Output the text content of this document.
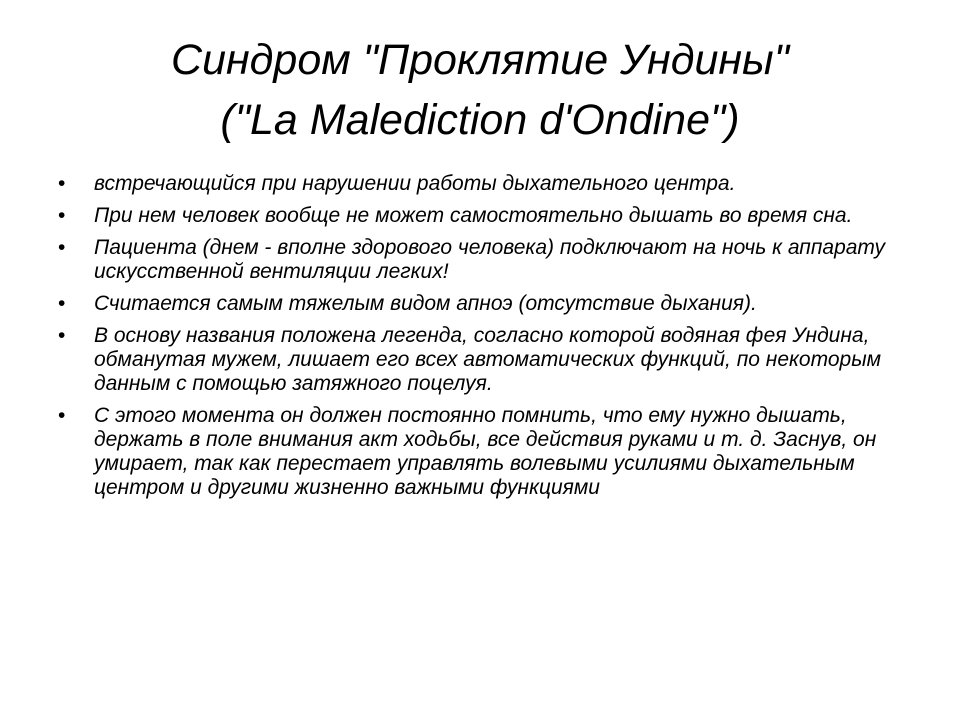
Синдром "Проклятие Ундины"
("La Malediction d'Ondine")
• встречающийся при нарушении работы дыхательного центра.
• При нем человек вообще не может самостоятельно дышать во время сна.
• Пациента (днем - вполне здорового человека) подключают на ночь к аппарату искусственной вентиляции легких!
• Считается самым тяжелым видом апноэ (отсутствие дыхания).
• В основу названия положена легенда, согласно которой водяная фея Ундина, обманутая мужем, лишает его всех автоматических функций, по некоторым данным с помощью затяжного поцелуя.
• С этого момента он должен постоянно помнить, что ему нужно дышать, держать в поле внимания акт ходьбы, все действия руками и т. д. Заснув, он умирает, так как перестает управлять волевыми усилиями дыхательным центром и другими жизненно важными функциями
